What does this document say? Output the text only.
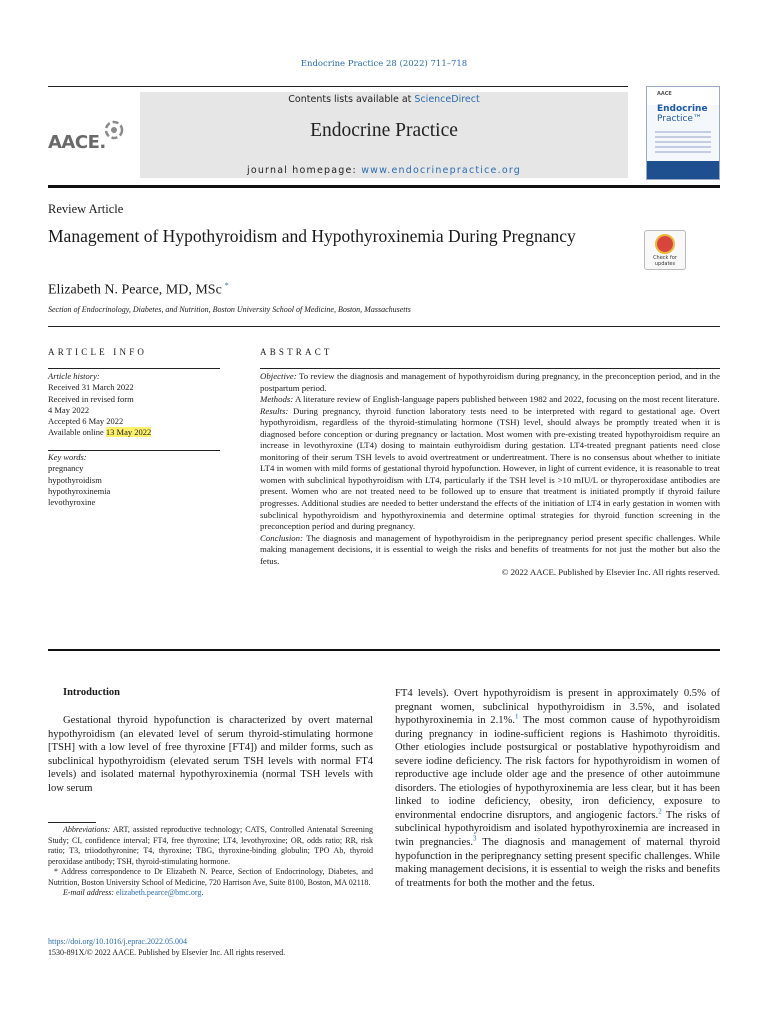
Endocrine Practice 28 (2022) 711–718
AACE.
Contents lists available at ScienceDirect
Endocrine Practice
journal homepage: www.endocrinepractice.org
AACE
Endocrine
Practice™
Review Article
Management of Hypothyroidism and Hypothyroxinemia During Pregnancy
Check for updates
Elizabeth N. Pearce, MD, MSc *
Section of Endocrinology, Diabetes, and Nutrition, Boston University School of Medicine, Boston, Massachusetts
ARTICLE INFO	ABSTRACT
Article history:
Received 31 March 2022
Received in revised form
4 May 2022
Accepted 6 May 2022
Available online 13 May 2022
Key words:
pregnancy
hypothyroidism
hypothyroxinemia
levothyroxine

Objective: To review the diagnosis and management of hypothyroidism during pregnancy, in the preconception period, and in the postpartum period.

Methods: A literature review of English-language papers published between 1982 and 2022, focusing on the most recent literature.

Results: During pregnancy, thyroid function laboratory tests need to be interpreted with regard to gestational age. Overt hypothyroidism, regardless of the thyroid-stimulating hormone (TSH) level, should always be promptly treated when it is diagnosed before conception or during pregnancy or lactation. Most women with pre-existing treated hypothyroidism require an increase in levothyroxine (LT4) dosing to maintain euthyroidism during gestation. LT4-treated pregnant patients need close monitoring of their serum TSH levels to avoid overtreatment or undertreatment. There is no consensus about whether to initiate LT4 in women with mild forms of gestational thyroid hypofunction. However, in light of current evidence, it is reasonable to treat women with subclinical hypothyroidism with LT4, particularly if the TSH level is >10 mIU/L or thyroperoxidase antibodies are present. Women who are not treated need to be followed up to ensure that treatment is initiated promptly if thyroid failure progresses. Additional studies are needed to better understand the effects of the initiation of LT4 in early gestation in women with subclinical hypothyroidism and hypothyroxinemia and determine optimal strategies for thyroid function screening in the preconception period and during pregnancy.

Conclusion: The diagnosis and management of hypothyroidism in the peripregnancy period present specific challenges. While making management decisions, it is essential to weigh the risks and benefits of treatments for not just the mother but also the fetus.

© 2022 AACE. Published by Elsevier Inc. All rights reserved.

Introduction

Gestational thyroid hypofunction is characterized by overt maternal hypothyroidism (an elevated level of serum thyroid-stimulating hormone [TSH] with a low level of free thyroxine [FT4]) and milder forms, such as subclinical hypothyroidism (elevated serum TSH levels with normal FT4 levels) and isolated maternal hypothyroxinemia (normal TSH levels with low serum

FT4 levels). Overt hypothyroidism is present in approximately 0.5% of pregnant women, subclinical hypothyroidism in 3.5%, and isolated hypothyroxinemia in 2.1%.$^1$ The most common cause of hypothyroidism during pregnancy in iodine-sufficient regions is Hashimoto thyroiditis. Other etiologies include postsurgical or postablative hypothyroidism and severe iodine deficiency. The risk factors for hypothyroidism in women of reproductive age include older age and the presence of other autoimmune disorders. The etiologies of hypothyroxinemia are less clear, but it has been linked to iodine deficiency, obesity, iron deficiency, exposure to environmental endocrine disruptors, and angiogenic factors.$^2$ The risks of subclinical hypothyroidism and isolated hypothyroxinemia are increased in twin pregnancies.$^3$ The diagnosis and management of maternal thyroid hypofunction in the peripregnancy setting present specific challenges. While making management decisions, it is essential to weigh the risks and benefits of treatments for both the mother and the fetus.

Abbreviations: ART, assisted reproductive technology; CATS, Controlled Antenatal Screening Study; CI, confidence interval; FT4, free thyroxine; LT4, levothyroxine; OR, odds ratio; RR, risk ratio; T3, triiodothyronine; T4, thyroxine; TBG, thyroxine-binding globulin; TPO Ab, thyroid peroxidase antibody; TSH, thyroid-stimulating hormone.

* Address correspondence to Dr Elizabeth N. Pearce, Section of Endocrinology, Diabetes, and Nutrition, Boston University School of Medicine, 720 Harrison Ave, Suite 8100, Boston, MA 02118.

E-mail address: elizabeth.pearce@bmc.org.

https://doi.org/10.1016/j.eprac.2022.05.004
1530-891X/© 2022 AACE. Published by Elsevier Inc. All rights reserved.
